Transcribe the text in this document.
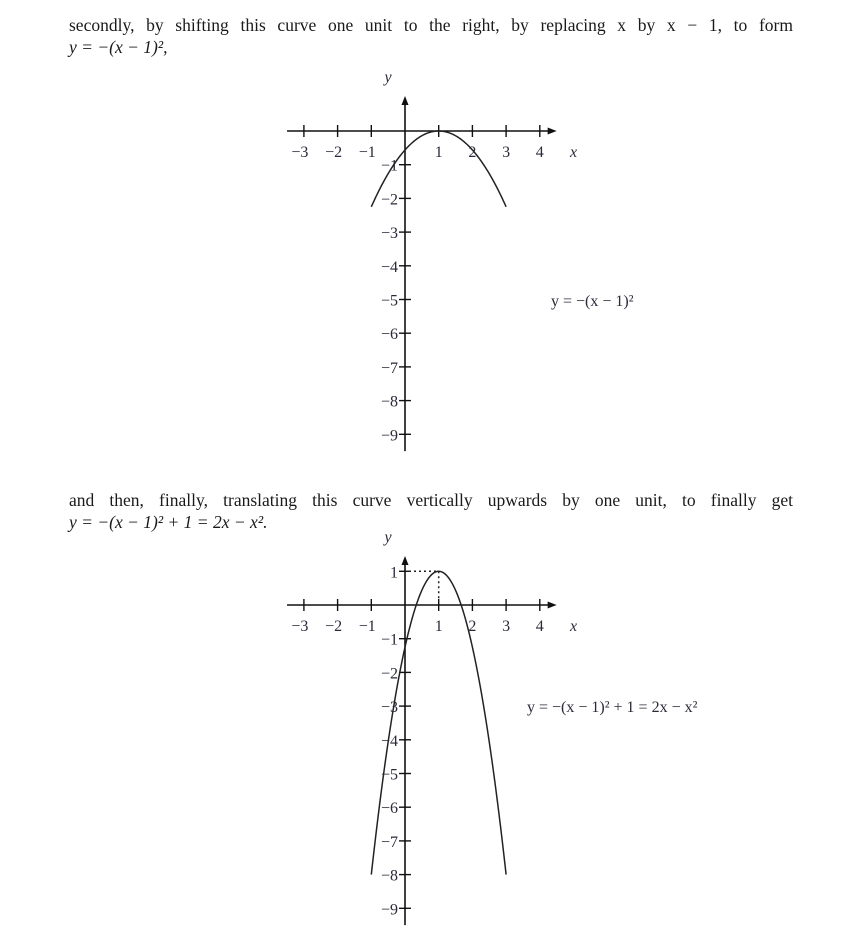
secondly, by shifting this curve one unit to the right, by replacing x by x − 1, to form
y = −(x − 1)²,
and then, finally, translating this curve vertically upwards by one unit, to finally get
y = −(x − 1)² + 1 = 2x − x².
−3 −2 −1	1 2 3 4
−1
−2
−3
−4
−5
−6
−7
−8
−9
x
y
y = −(x − 1)²
−3 −2 −1	1 2 3 4
1
−1
−2
−3
−4
−5
−6
−7
−8
−9
x
y
y = −(x − 1)² + 1 = 2x − x²
